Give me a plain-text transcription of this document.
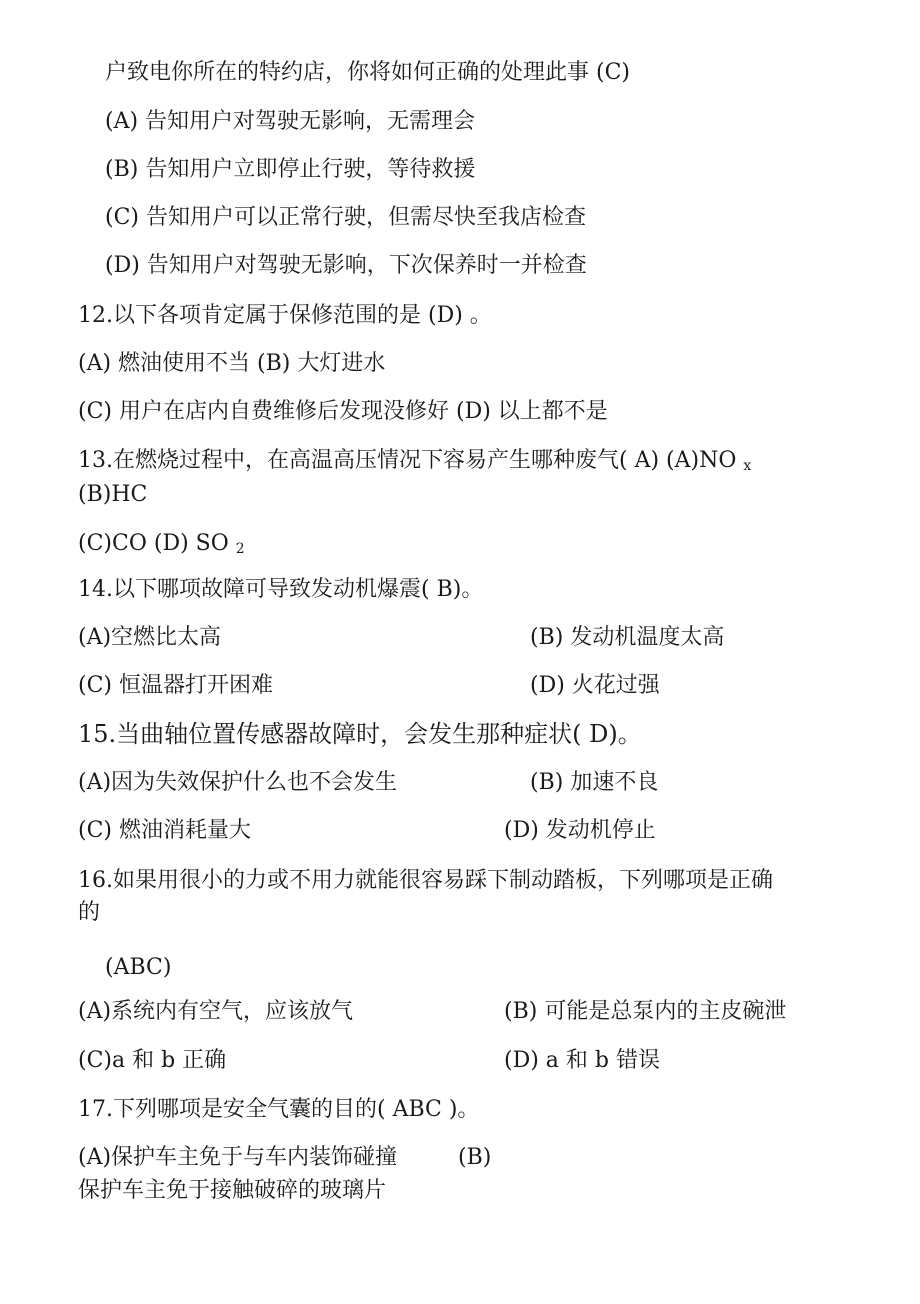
户致电你所在的特约店，你将如何正确的处理此事 (C)
(A) 告知用户对驾驶无影响，无需理会
(B) 告知用户立即停止行驶，等待救援
(C) 告知用户可以正常行驶，但需尽快至我店检查
(D) 告知用户对驾驶无影响，下次保养时一并检查
12.以下各项肯定属于保修范围的是 (D) 。
(A) 燃油使用不当 (B) 大灯进水
(C) 用户在店内自费维修后发现没修好 (D) 以上都不是
13.在燃烧过程中，在高温高压情况下容易产生哪种废气( A) (A)NO $_x$
(B)HC
(C)CO (D) SO $_2$
14.以下哪项故障可导致发动机爆震( B)。
(A)空燃比太高	(B) 发动机温度太高
(C) 恒温器打开困难	(D) 火花过强
15.当曲轴位置传感器故障时，会发生那种症状( D)。
(A)因为失效保护什么也不会发生	(B) 加速不良
(C) 燃油消耗量大	(D) 发动机停止
16.如果用很小的力或不用力就能很容易踩下制动踏板，下列哪项是正确
的
(ABC)
(A)系统内有空气，应该放气	(B) 可能是总泵内的主皮碗泄
(C)a 和 b 正确	(D) a 和 b 错误
17.下列哪项是安全气囊的目的( ABC )。
(A)保护车主免于与车内装饰碰撞	(B)
保护车主免于接触破碎的玻璃片
